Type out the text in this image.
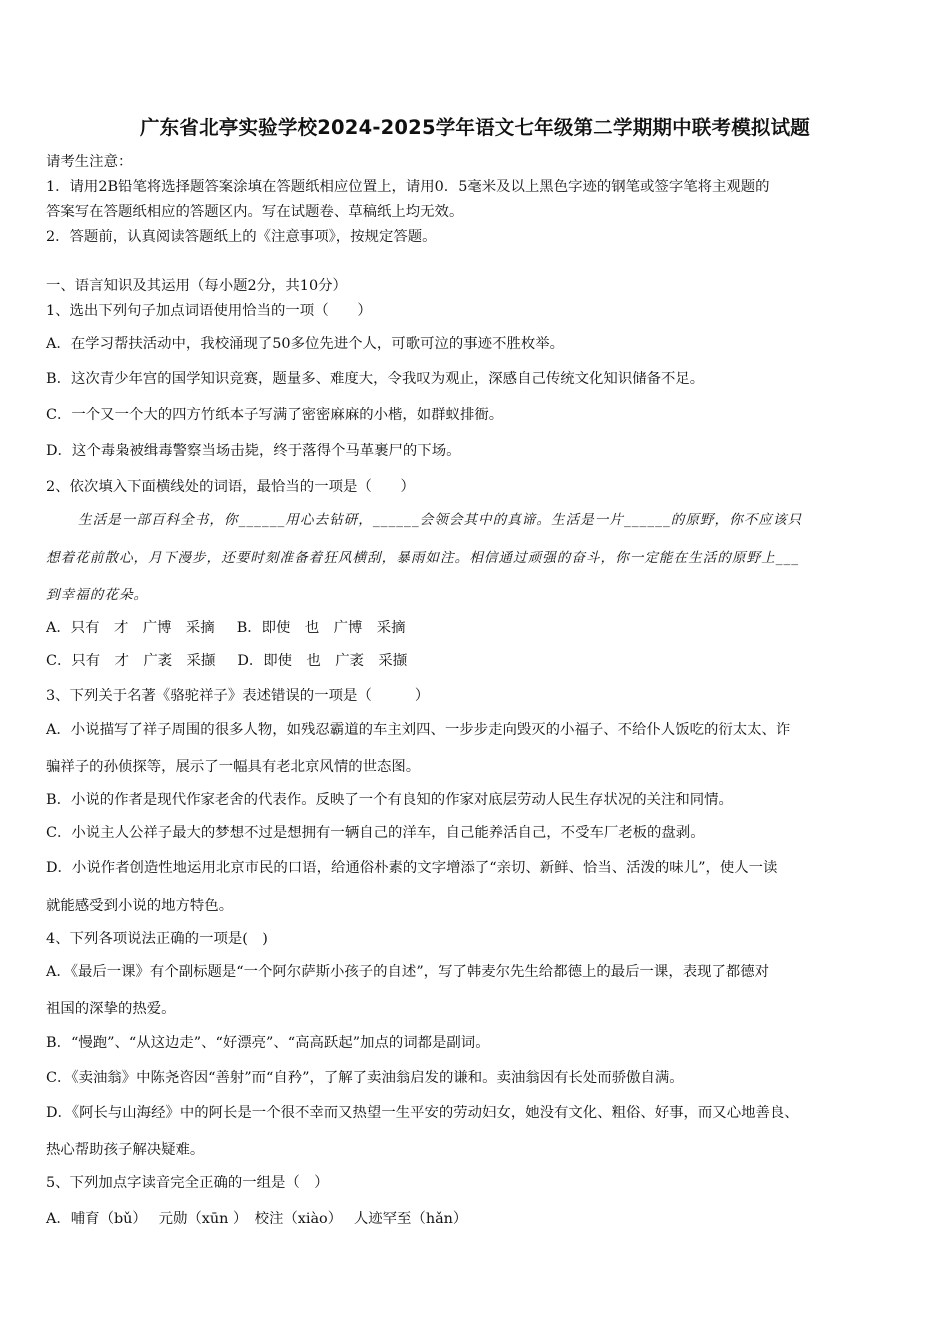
广东省北亭实验学校2024-2025学年语文七年级第二学期期中联考模拟试题
请考生注意：
1．请用2B铅笔将选择题答案涂填在答题纸相应位置上，请用0．5毫米及以上黑色字迹的钢笔或签字笔将主观题的
答案写在答题纸相应的答题区内。写在试题卷、草稿纸上均无效。
2．答题前，认真阅读答题纸上的《注意事项》，按规定答题。
一、语言知识及其运用（每小题2分，共10分）
1、选出下列句子加点词语使用恰当的一项（　　）
A．在学习帮扶活动中，我校涌现了50多位先进个人，可歌可泣的事迹不胜枚举。
B．这次青少年宫的国学知识竞赛，题量多、难度大，令我叹为观止，深感自己传统文化知识储备不足。
C．一个又一个大的四方竹纸本子写满了密密麻麻的小楷，如群蚁排衙。
D．这个毒枭被缉毒警察当场击毙，终于落得个马革裹尸的下场。
2、依次填入下面横线处的词语，最恰当的一项是（　　）
生活是一部百科全书，你______用心去钻研，______会领会其中的真谛。生活是一片______的原野，你不应该只
想着花前散心，月下漫步，还要时刻准备着狂风横刮，暴雨如注。相信通过顽强的奋斗，你一定能在生活的原野上___
到幸福的花朵。
A．只有　才　广博　采摘 B．即使　也　广博　采摘
C．只有　才　广袤　采撷 D．即使　也　广袤　采撷
3、下列关于名著《骆驼祥子》表述错误的一项是（　　　）
A．小说描写了祥子周围的很多人物，如残忍霸道的车主刘四、一步步走向毁灭的小福子、不给仆人饭吃的衍太太、诈
骗祥子的孙侦探等，展示了一幅具有老北京风情的世态图。
B．小说的作者是现代作家老舍的代表作。反映了一个有良知的作家对底层劳动人民生存状况的关注和同情。
C．小说主人公祥子最大的梦想不过是想拥有一辆自己的洋车，自己能养活自己，不受车厂老板的盘剥。
D．小说作者创造性地运用北京市民的口语，给通俗朴素的文字增添了“亲切、新鲜、恰当、活泼的味儿”，使人一读
就能感受到小说的地方特色。
4、下列各项说法正确的一项是(　)
A．《最后一课》有个副标题是“一个阿尔萨斯小孩子的自述”，写了韩麦尔先生给都德上的最后一课，表现了都德对
祖国的深挚的热爱。
B．“慢跑”、“从这边走”、“好漂亮”、“高高跃起”加点的词都是副词。
C．《卖油翁》中陈尧咨因“善射”而“自矜”，了解了卖油翁启发的谦和。卖油翁因有长处而骄傲自满。
D．《阿长与山海经》中的阿长是一个很不幸而又热望一生平安的劳动妇女，她没有文化、粗俗、好事，而又心地善良、
热心帮助孩子解决疑难。
5、下列加点字读音完全正确的一组是（　）
A．哺育（bǔ）　 元勋（xūn ）　校注（xiào）　 人迹罕至（hǎn）
